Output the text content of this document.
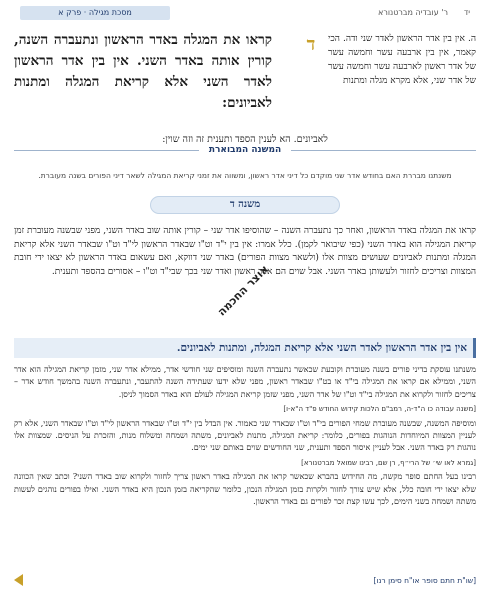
יד
ר' עובדיה מברטנורא
מסכת מגילה · פרק א
ה. אין בין אדר הראשון לאדר שני ודה. הכי קאמר, אין בין ארבעה עשר וחמשה עשר של אדר ראשון לארבעה עשר וחמשה עשר של אדר שני, אלא מקרא מגלה ומתנות
ד
קראו את המגלה באדר הראשון ונתעברה השנה, קורין אותה באדר השני. אין בין אדר הראשון לאדר השני אלא קריאת המגלה ומתנות לאביונים:
לאביונים. הא לענין הספד ותענית זה וזה שוין:
המשנה המבוארת
משנתנו מבררת האם בחודש אדר שני מוקדם כל דיני אדר ראשון, ומשווה את זמני קריאת המגילה לשאר דיני הפורים בשנה מעוברת.
משנה ד

קראו את המגלה באדר הראשון, ואחר כך נתעברה השנה – שהוסיפו אדר שני – קורין אותה שוב באדר השני, מפני שבשנה מעוברת זמן קריאת המגילה הוא באדר השני (כפי שיבואר לקמן). כלל אמרו: אין בין י"ד וט"ו שבאדר הראשון לי"ד וט"ו שבאדר השני אלא קריאת המגלה ומתנות לאביונים שעושים מצוות אלו (ולשאר מצוות הפורים) באדר שני דווקא, ואם עשאום באדר הראשון לא יצאו ידי חובת המצוות וצריכים לחזור ולעשותן באדר השני. אבל שוים הם אדר ראשון ואדר שני בכך שבי"ד וט"ו – אסורים בהספד ותענית.

אוצר החכמה
אין בין אדר הראשון לאדר השני אלא קריאת המגלה, ומתנות לאביונים.

משנתנו עוסקת בדיני פורים בשנה מעוברת וקובעת שכאשר נתעברה השנה ומוסיפים שני חודשי אדר, ממילא אדר שני, מזמן קריאת המגילה הוא אדר השני, וממילא אם קראו את המגילה בי"ד או בט"ו שבאדר ראשון, מפני שלא ידעו שעתידה השנה להתעבר, ונתעברה השנה בהמשך חודש אדר – צריכים לחזור ולקרוא את המגילה בי"ד וט"ו של אדר השני, מפני שזמן קריאת המגילה לעולם הוא באדר הסמוך לניסן.

[משנה עבודה כו ה"ד-ה, רמב"ם הלכות קידוש החודש פ"ד ה"א-ו]

ומוסיפה המשנה, שבשנה מעוברת שמחי הפורים בי"ד וט"ו שבאדר שני כאמור. אין הבדל בין י"ד וט"ו שבאדר הראשון לי"ד וט"ו שבאדר השני, אלא רק לעניין המצוות המיוחדות הנוהגות בפורים, כלומר: קריאת המגילה, מתנות לאביונים, משתה ושמחה ומשלוח מנות, והזכרת על הניסים. שמצוות אלו נוהגות רק באדר השני. אבל לעניין איסור הספד ותענית, שני החודשים שוים באותם שני ימים.

[גמרא לאו שי׳ של הרי״ף, רן שם, רבינו שמואל מברטנורא]

רבינו בעל החתם סופר מקשה, מה החידוש בהברא שכאשר קראו את המגילה באדר ראשון צריך לחזור ולקרוא שוב באדר השני? וכתב שאין הכוונה שלא יצאו ידי חובה כלל, אלא שיש צורך לחזור ולקרות בזמן המגילה הנכון, כלומר שהקריאה בזמן הנכון היא באדר השני. ואילו בפורים נוהגים לעשות משתה ושמחה בשני הימים, לכך עשו קצת זכר לפורים גם באדר הראשון.

[שו"ת חתם סופר או"ח סימן רנו]
